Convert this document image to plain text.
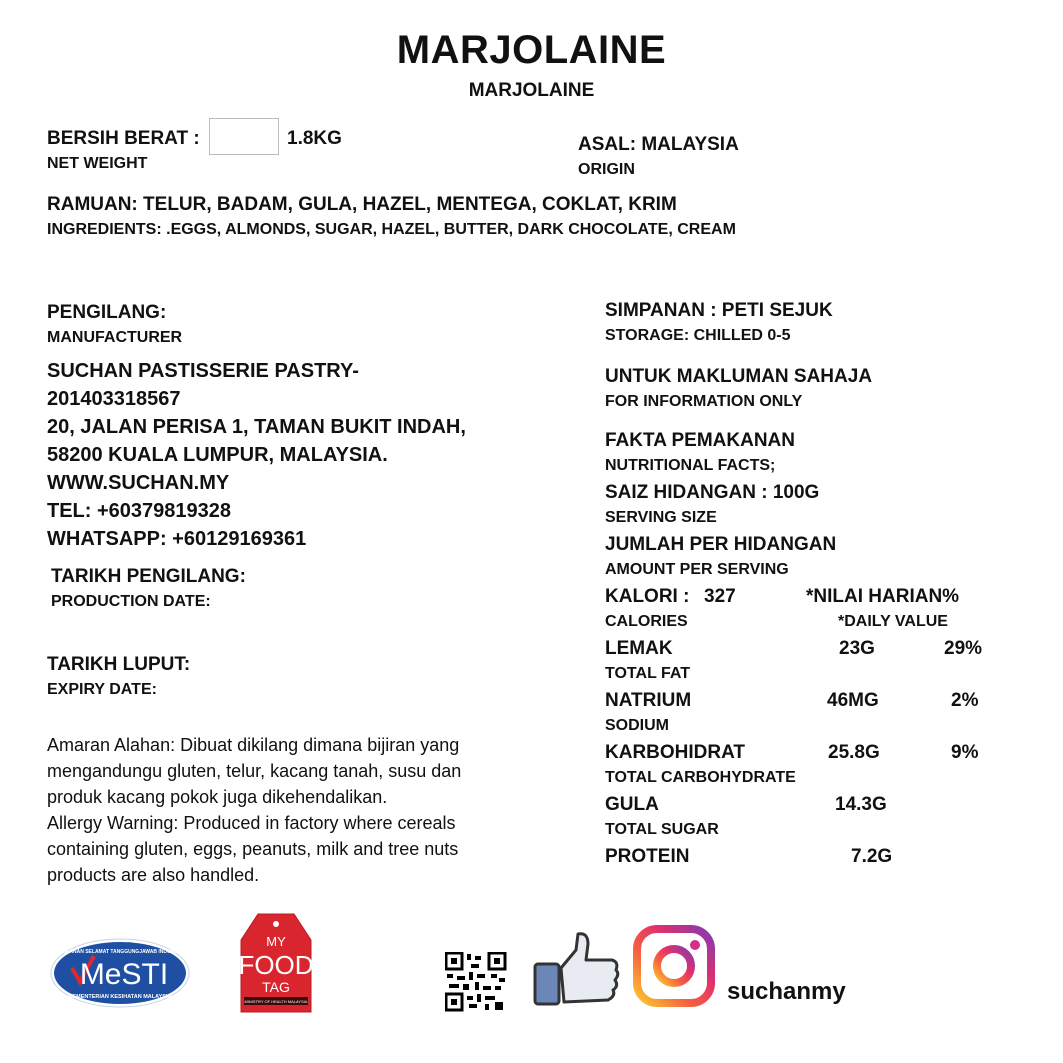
MARJOLAINE
MARJOLAINE
BERSIH BERAT :	1.8KG
NET WEIGHT
ASAL: MALAYSIA
ORIGIN
RAMUAN: TELUR, BADAM, GULA, HAZEL, MENTEGA, COKLAT, KRIM
INGREDIENTS: .EGGS, ALMONDS, SUGAR, HAZEL, BUTTER, DARK CHOCOLATE, CREAM
PENGILANG:
MANUFACTURER
SUCHAN PASTISSERIE PASTRY-
201403318567
20, JALAN PERISA 1, TAMAN BUKIT INDAH,
58200 KUALA LUMPUR, MALAYSIA.
WWW.SUCHAN.MY
TEL: +60379819328
WHATSAPP: +60129169361
TARIKH PENGILANG:
PRODUCTION DATE:
TARIKH LUPUT:
EXPIRY DATE:
Amaran Alahan: Dibuat dikilang dimana bijiran yang
mengandungu gluten, telur, kacang tanah, susu dan
produk kacang pokok juga dikehendalikan.
Allergy Warning: Produced in factory where cereals
containing gluten, eggs, peanuts, milk and tree nuts
products are also handled.
SIMPANAN : PETI SEJUK
STORAGE: CHILLED 0-5
UNTUK MAKLUMAN SAHAJA
FOR INFORMATION ONLY
FAKTA PEMAKANAN
NUTRITIONAL FACTS;
SAIZ HIDANGAN : 100G
SERVING SIZE
JUMLAH PER HIDANGAN
AMOUNT PER SERVING
KALORI : 327	*NILAI HARIAN%
CALORIES	*DAILY VALUE
LEMAK	23G	29%
TOTAL FAT
NATRIUM	46MG	2%
SODIUM
KARBOHIDRAT	25.8G	9%
TOTAL CARBOHYDRATE
GULA	14.3G
TOTAL SUGAR
PROTEIN	7.2G
MeSTI
MAKANAN SELAMAT TANGGUNGJAWAB INDUSTRI
KEMENTERIAN KESIHATAN MALAYSIA
MY
FOOD
TAG
MINISTRY OF HEALTH MALAYSIA	suchanmy
